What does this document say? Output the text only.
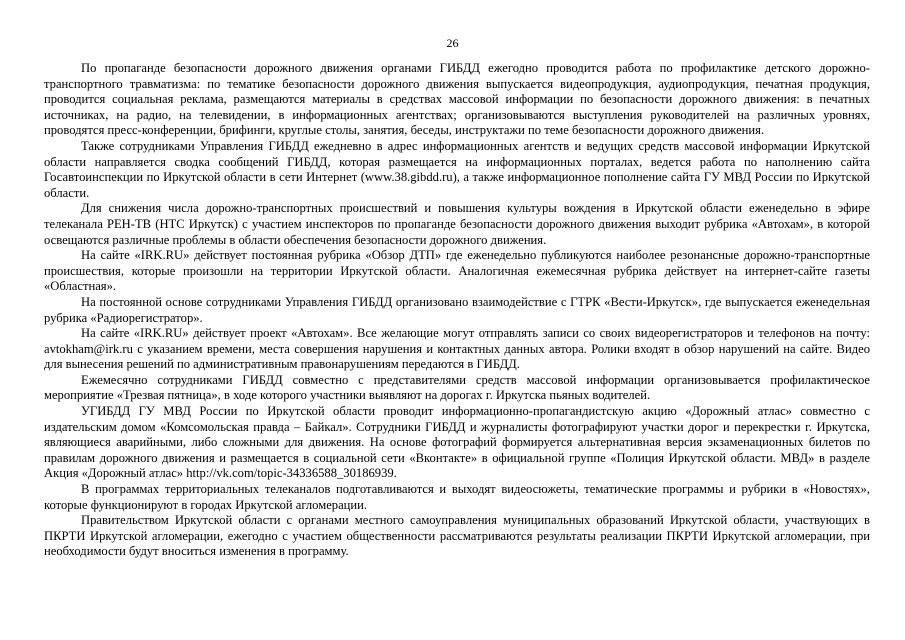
26

По пропаганде безопасности дорожного движения органами ГИБДД ежегодно проводится работа по профилактике детского дорожно-транспортного травматизма: по тематике безопасности дорожного движения выпускается видеопродукция, аудиопродукция, печатная продукция, проводится социальная реклама, размещаются материалы в средствах массовой информации по безопасности дорожного движения: в печатных источниках, на радио, на телевидении, в информационных агентствах; организовываются выступления руководителей на различных уровнях, проводятся пресс-конференции, брифинги, круглые столы, занятия, беседы, инструктажи по теме безопасности дорожного движения.

Также сотрудниками Управления ГИБДД ежедневно в адрес информационных агентств и ведущих средств массовой информации Иркутской области направляется сводка сообщений ГИБДД, которая размещается на информационных порталах, ведется работа по наполнению сайта Госавтоинспекции по Иркутской области в сети Интернет (www.38.gibdd.ru), а также информационное пополнение сайта ГУ МВД России по Иркутской области.

Для снижения числа дорожно-транспортных происшествий и повышения культуры вождения в Иркутской области еженедельно в эфире телеканала РЕН-ТВ (НТС Иркутск) с участием инспекторов по пропаганде безопасности дорожного движения выходит рубрика «Автохам», в которой освещаются различные проблемы в области обеспечения безопасности дорожного движения.

На сайте «IRK.RU» действует постоянная рубрика «Обзор ДТП» где еженедельно публикуются наиболее резонансные дорожно-транспортные происшествия, которые произошли на территории Иркутской области. Аналогичная ежемесячная рубрика действует на интернет-сайте газеты «Областная».

На постоянной основе сотрудниками Управления ГИБДД организовано взаимодействие с ГТРК «Вести-Иркутск», где выпускается еженедельная рубрика «Радиорегистратор».

На сайте «IRK.RU» действует проект «Автохам». Все желающие могут отправлять записи со своих видеорегистраторов и телефонов на почту: avtokham@irk.ru с указанием времени, места совершения нарушения и контактных данных автора. Ролики входят в обзор нарушений на сайте. Видео для вынесения решений по административным правонарушениям передаются в ГИБДД.

Ежемесячно сотрудниками ГИБДД совместно с представителями средств массовой информации организовывается профилактическое мероприятие «Трезвая пятница», в ходе которого участники выявляют на дорогах г. Иркутска пьяных водителей.

УГИБДД ГУ МВД России по Иркутской области проводит информационно-пропагандистскую акцию «Дорожный атлас» совместно с издательским домом «Комсомольская правда – Байкал». Сотрудники ГИБДД и журналисты фотографируют участки дорог и перекрестки г. Иркутска, являющиеся аварийными, либо сложными для движения. На основе фотографий формируется альтернативная версия экзаменационных билетов по правилам дорожного движения и размещается в социальной сети «Вконтакте» в официальной группе «Полиция Иркутской области. МВД» в разделе Акция «Дорожный атлас» http://vk.com/topic-34336588_30186939.

В программах территориальных телеканалов подготавливаются и выходят видеосюжеты, тематические программы и рубрики в «Новостях», которые функционируют в городах Иркутской агломерации.

Правительством Иркутской области с органами местного самоуправления муниципальных образований Иркутской области, участвующих в ПКРТИ Иркутской агломерации, ежегодно с участием общественности рассматриваются результаты реализации ПКРТИ Иркутской агломерации, при необходимости будут вноситься изменения в программу.
